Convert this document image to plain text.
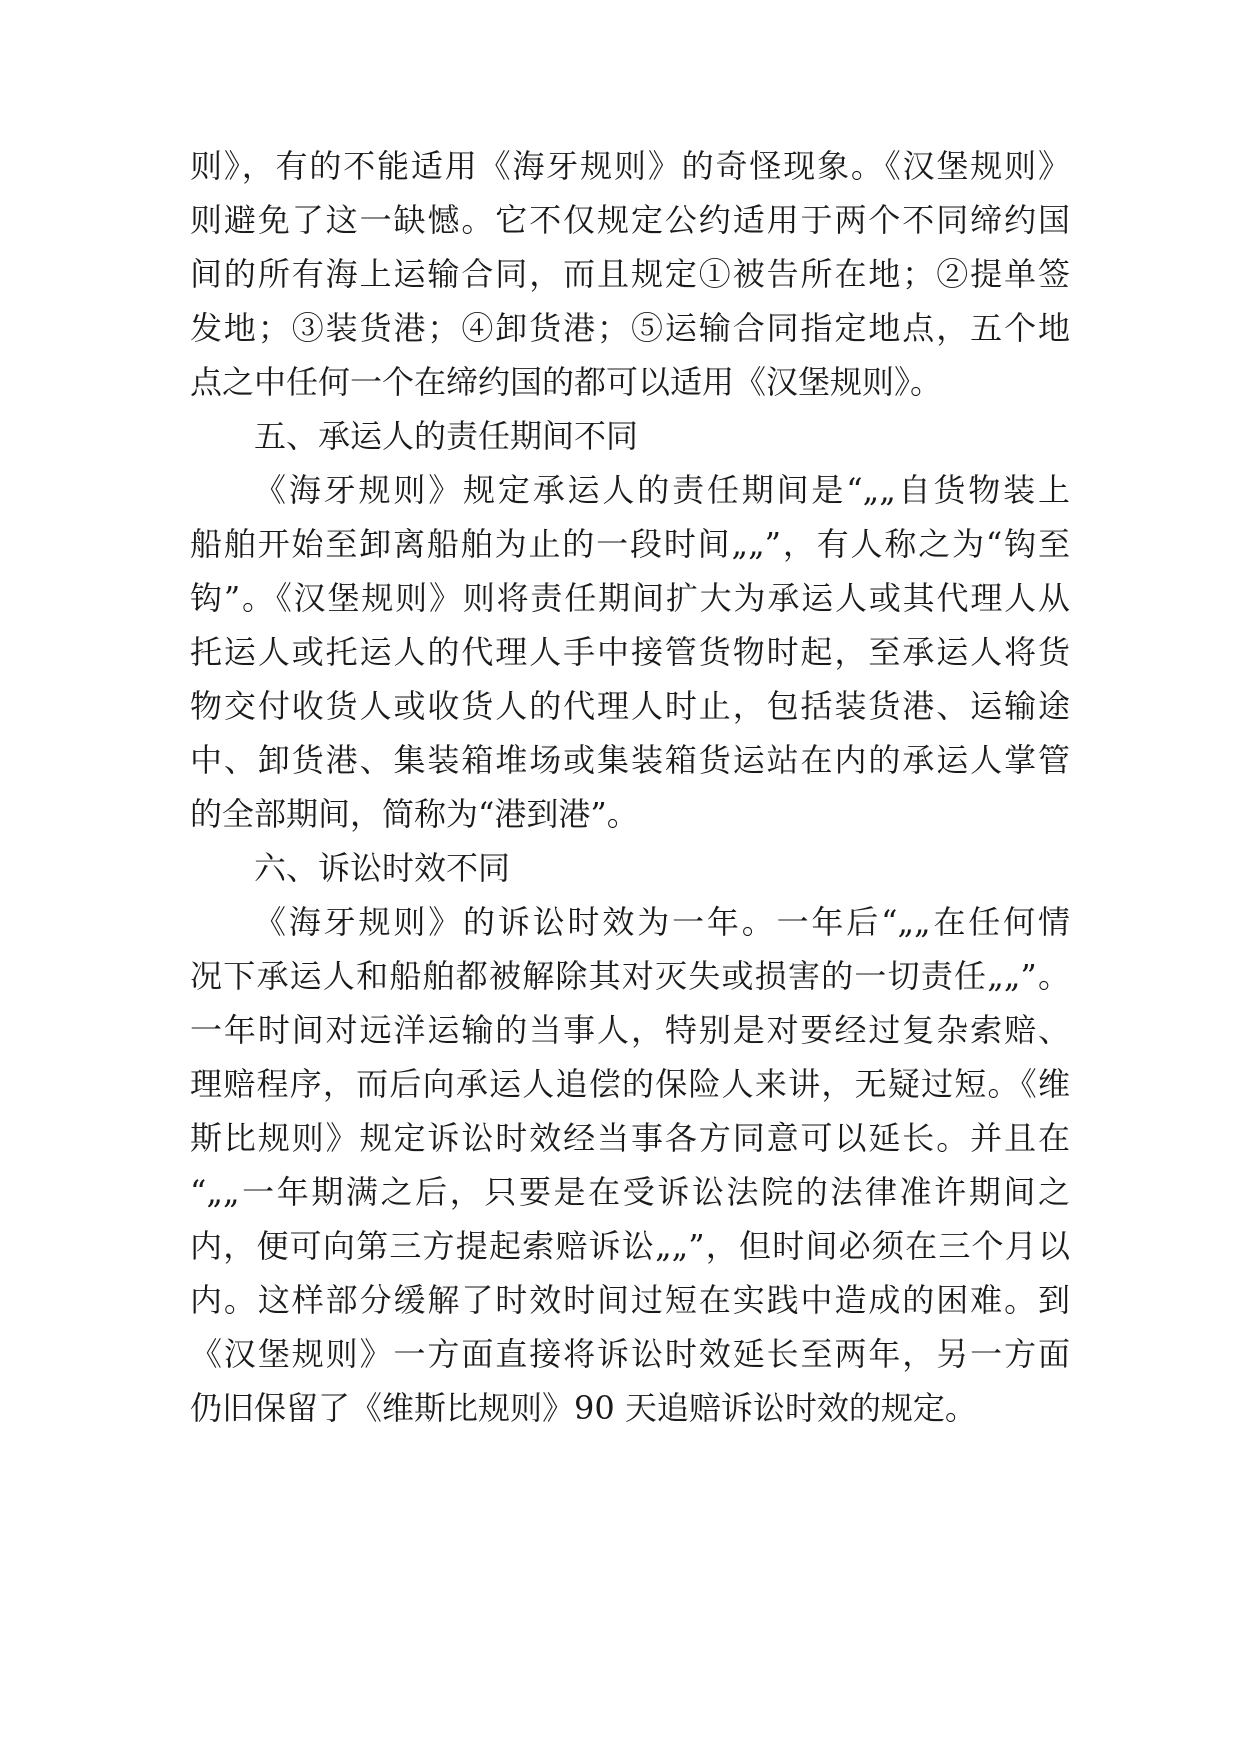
则》，有的不能适用《海牙规则》的奇怪现象。《汉堡规则》
则避免了这一缺憾。它不仅规定公约适用于两个不同缔约国
间的所有海上运输合同，而且规定①被告所在地；②提单签
发地；③装货港；④卸货港；⑤运输合同指定地点，五个地
点之中任何一个在缔约国的都可以适用《汉堡规则》。
五、承运人的责任期间不同
《海牙规则》规定承运人的责任期间是“„„自货物装上
船舶开始至卸离船舶为止的一段时间„„”，有人称之为“钩至
钩”。《汉堡规则》则将责任期间扩大为承运人或其代理人从
托运人或托运人的代理人手中接管货物时起，至承运人将货
物交付收货人或收货人的代理人时止，包括装货港、运输途
中、卸货港、集装箱堆场或集装箱货运站在内的承运人掌管
的全部期间，简称为“港到港”。
六、诉讼时效不同
《海牙规则》的诉讼时效为一年。一年后“„„在任何情
况下承运人和船舶都被解除其对灭失或损害的一切责任„„”。
一年时间对远洋运输的当事人，特别是对要经过复杂索赔、
理赔程序，而后向承运人追偿的保险人来讲，无疑过短。《维
斯比规则》规定诉讼时效经当事各方同意可以延长。并且在
“„„一年期满之后，只要是在受诉讼法院的法律准许期间之
内，便可向第三方提起索赔诉讼„„”，但时间必须在三个月以
内。这样部分缓解了时效时间过短在实践中造成的困难。到
《汉堡规则》一方面直接将诉讼时效延长至两年，另一方面
仍旧保留了《维斯比规则》90 天追赔诉讼时效的规定。
